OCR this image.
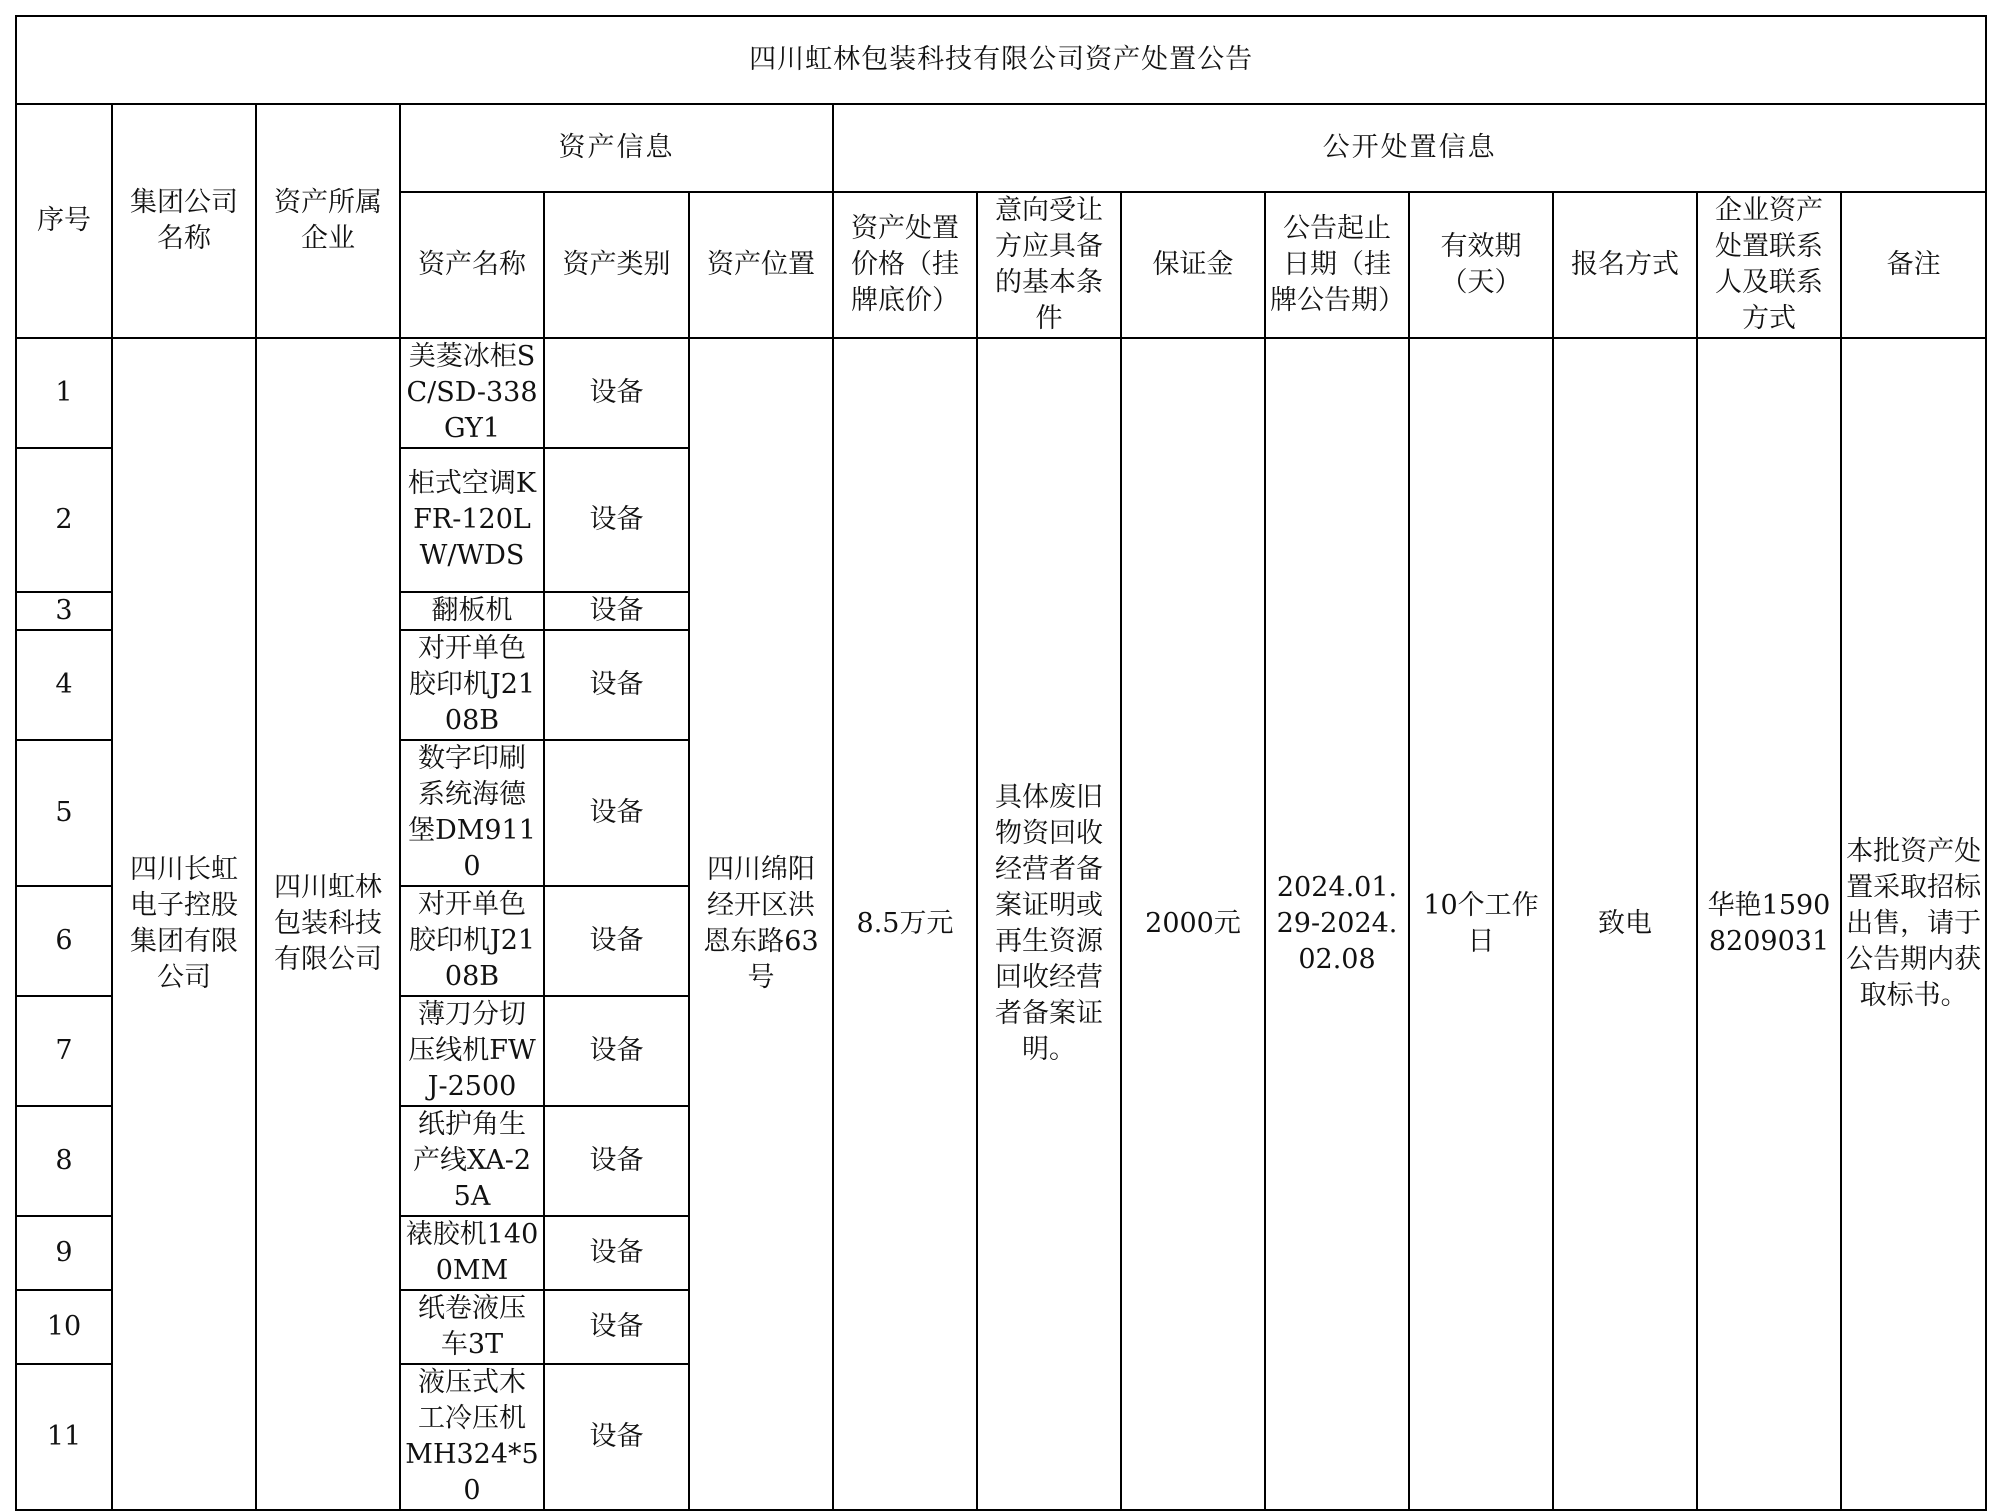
四川虹林包装科技有限公司资产处置公告													
序号	集团公司名称	资产所属企业	资产信息			公开处置信息							
			资产名称	资产类别	资产位置	资产处置价格（挂牌底价）	意向受让方应具备的基本条件	保证金	公告起止日期（挂牌公告期）	有效期（天）	报名方式	企业资产处置联系人及联系方式	备注
1	四川长虹电子控股集团有限公司	四川虹林包装科技有限公司	美菱冰柜SC/SD-338GY1	设备	四川绵阳经开区洪恩东路63号	8.5万元	具体废旧物资回收经营者备案证明或再生资源回收经营者备案证明。	2000元	2024.01.29-2024.02.08	10个工作日	致电	华艳15908209031	本批资产处置采取招标出售，请于公告期内获取标书。
2			柜式空调KFR-120LW/WDS	设备									
3			翻板机	设备									
4			对开单色胶印机J2108B	设备									
5			数字印刷系统海德堡DM9110	设备									
6			对开单色胶印机J2108B	设备									
7			薄刀分切压线机FWJ-2500	设备									
8			纸护角生产线XA-25A	设备									
9			裱胶机1400MM	设备									
10			纸卷液压车3T	设备									
11			液压式木工冷压机MH324*50	设备									
